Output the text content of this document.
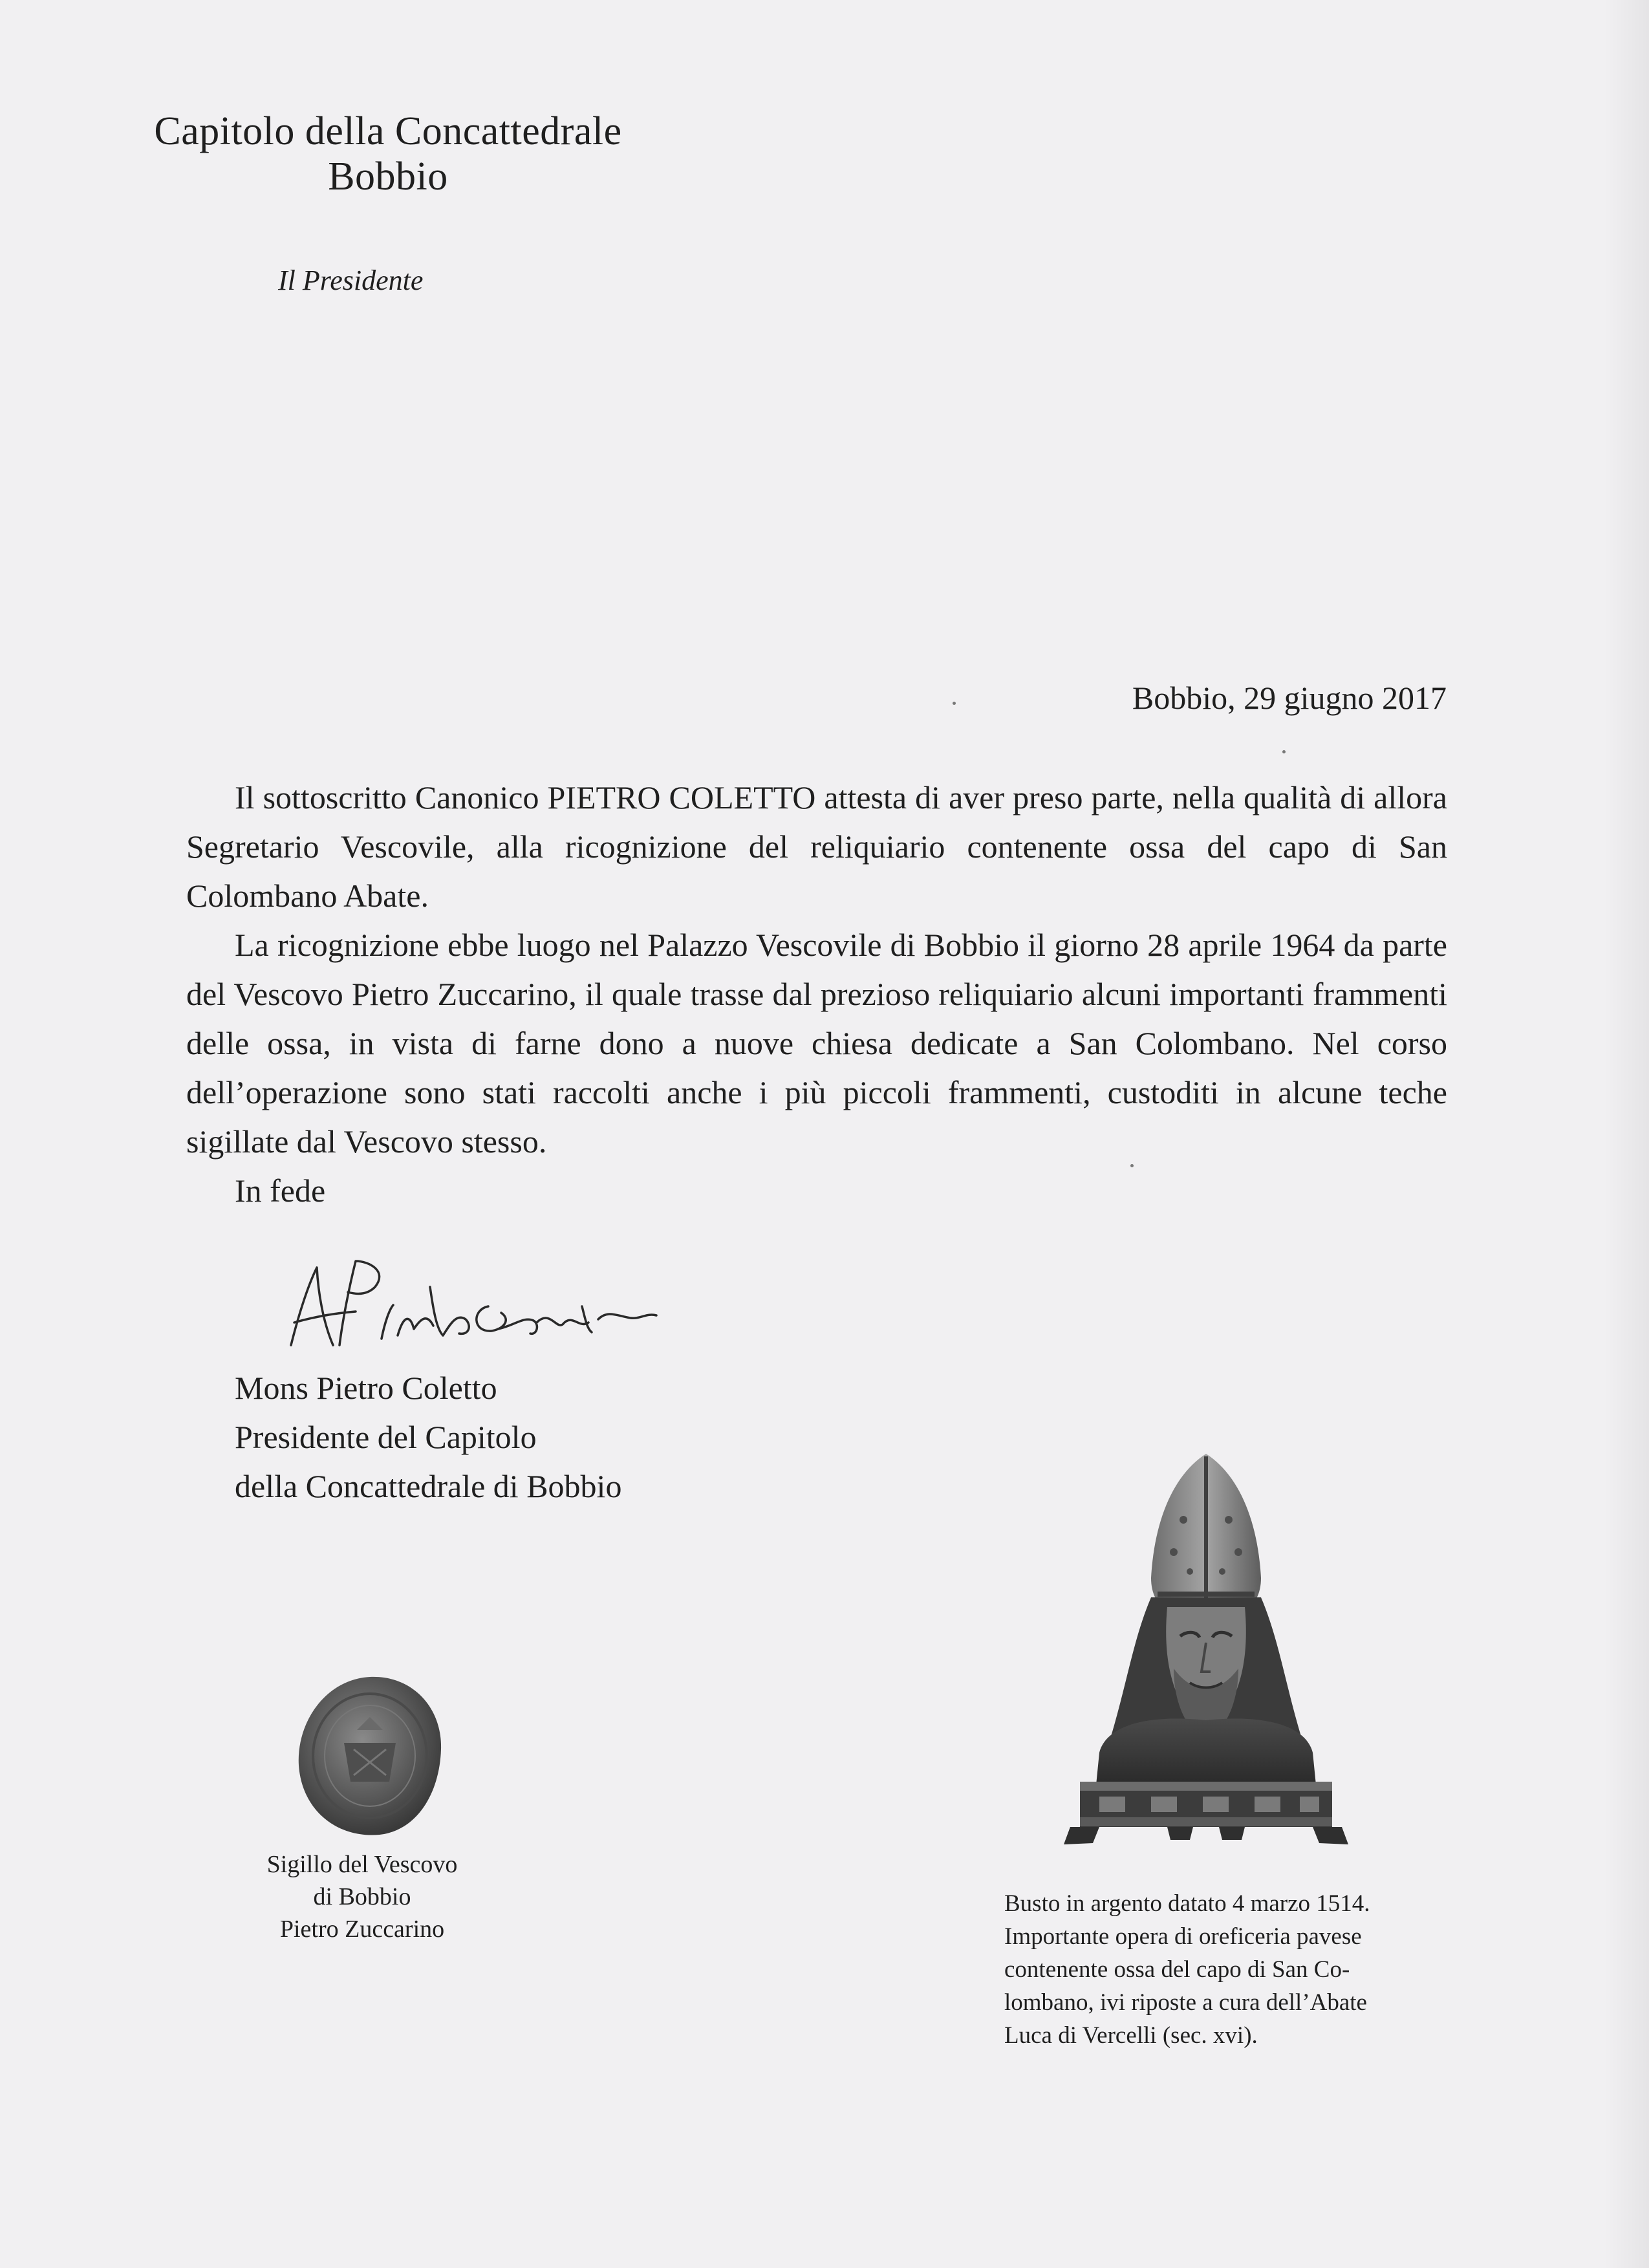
Capitolo della Concattedrale
Bobbio
Il Presidente
Bobbio, 29 giugno 2017

Il sottoscritto Canonico PIETRO COLETTO attesta di aver preso parte, nella qualità di allora Segretario Vescovile, alla ricognizione del reliquiario contenente ossa del capo di San Colombano Abate.

La ricognizione ebbe luogo nel Palazzo Vescovile di Bobbio il giorno 28 aprile 1964 da parte del Vescovo Pietro Zuccarino, il quale trasse dal prezioso reliquiario alcuni importanti frammenti delle ossa, in vista di farne dono a nuove chiesa dedicate a San Colombano. Nel corso dell’operazione sono stati raccolti anche i più piccoli frammenti, custoditi in alcune teche sigillate dal Vescovo stesso.

In fede
Mons Pietro Coletto
Presidente del Capitolo
della Concattedrale di Bobbio
Sigillo del Vescovo
di Bobbio
Pietro Zuccarino
Busto in argento datato 4 marzo 1514.
Importante opera di oreficeria pavese
contenente ossa del capo di San Co-
lombano, ivi riposte a cura dell’Abate
Luca di Vercelli (sec. xvi).
